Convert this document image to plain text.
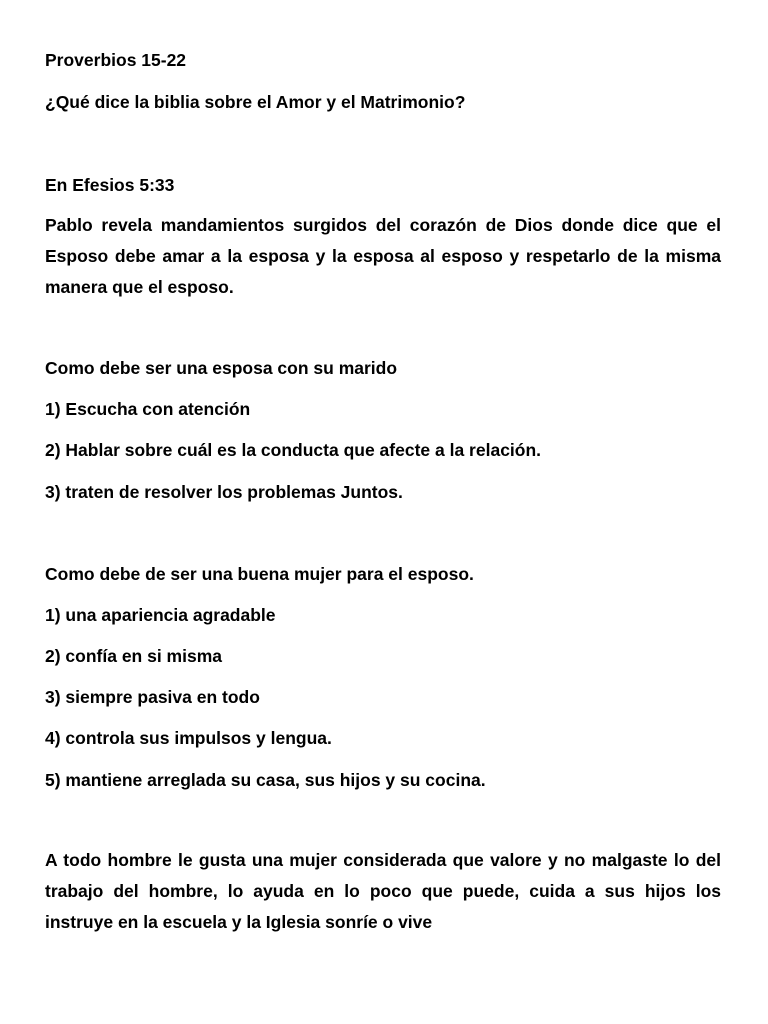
Proverbios 15-22

¿Qué dice la biblia sobre el Amor y el Matrimonio?

En Efesios 5:33

Pablo revela mandamientos surgidos del corazón de Dios donde dice que el Esposo debe amar a la esposa y la esposa al esposo y respetarlo de la misma manera que el esposo.

Como debe ser una esposa con su marido

1) Escucha con atención

2) Hablar sobre cuál es la conducta que afecte a la relación.

3) traten de resolver los problemas Juntos.

Como debe de ser una buena mujer para el esposo.

1) una apariencia agradable

2) confía en si misma

3) siempre pasiva en todo

4) controla sus impulsos y lengua.

5) mantiene arreglada su casa, sus hijos y su cocina.

A todo hombre le gusta una mujer considerada que valore y no malgaste lo del trabajo del hombre, lo ayuda en lo poco que puede, cuida a sus hijos los instruye en la escuela y la Iglesia sonríe o vive
